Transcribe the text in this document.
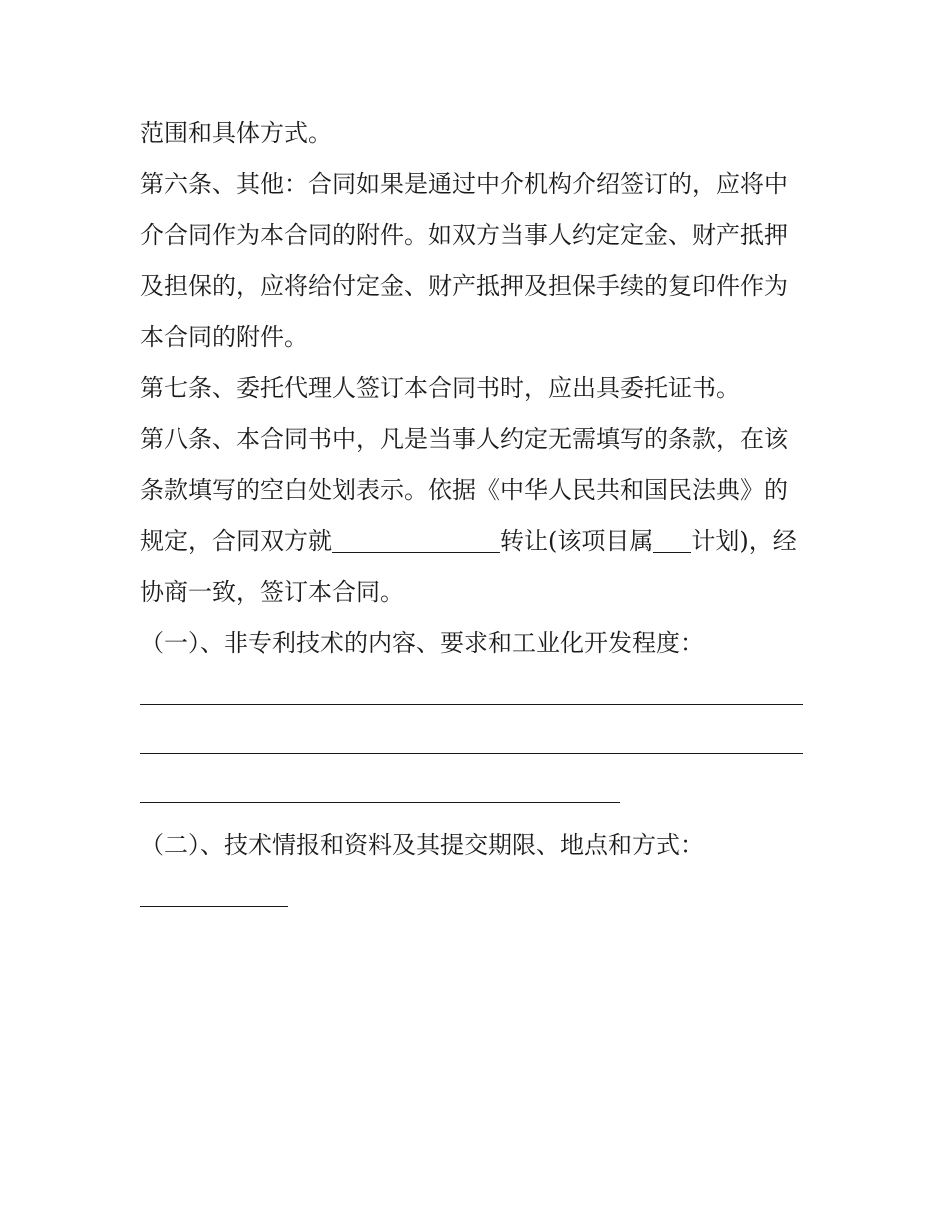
范围和具体方式。
第六条、其他：合同如果是通过中介机构介绍签订的，应将中
介合同作为本合同的附件。如双方当事人约定定金、财产抵押
及担保的，应将给付定金、财产抵押及担保手续的复印件作为
本合同的附件。
第七条、委托代理人签订本合同书时，应出具委托证书。
第八条、本合同书中，凡是当事人约定无需填写的条款，在该
条款填写的空白处划表示。依据《中华人民共和国民法典》的
规定，合同双方就	转让(该项目属 计划)，经
协商一致，签订本合同。
（一）、非专利技术的内容、要求和工业化开发程度：
（二）、技术情报和资料及其提交期限、地点和方式：
